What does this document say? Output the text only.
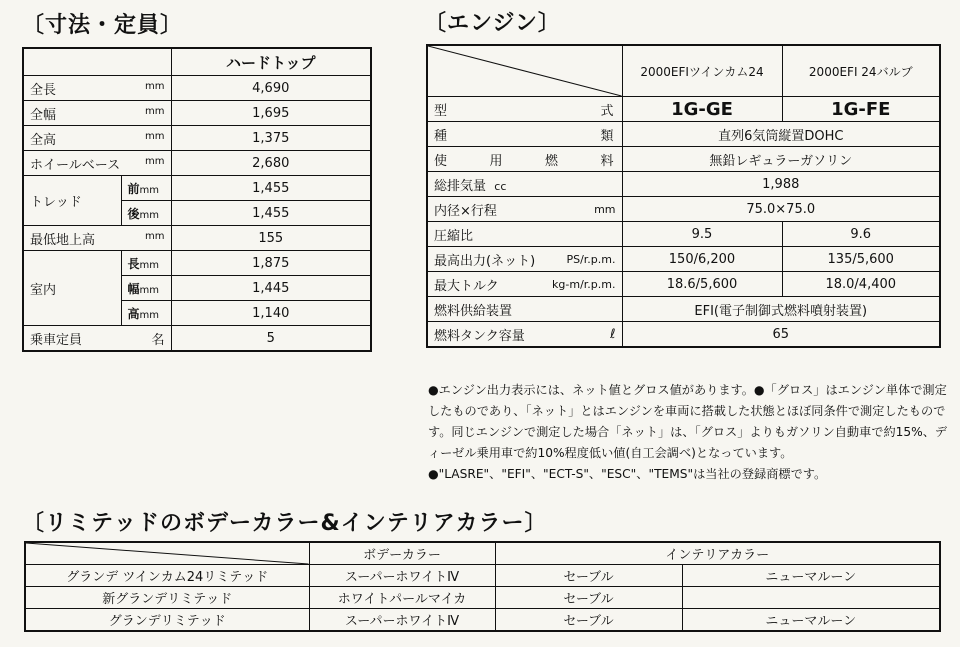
〔寸法・定員〕
		ハードトップ
全長 mm		4,690
全幅 mm		1,695
全高 mm		1,375
ホイールベース mm		2,680
トレッド	前mm	1,455
	後mm	1,455
最低地上高 mm		155
室内	長mm	1,875
	幅mm	1,445
	高mm	1,140
乗車定員 名		5
〔エンジン〕
	2000EFIツインカム24	2000EFI 24バルブ

型 式	1G-GE	1G-FE

種 類	直列6気筒縦置DOHC	

使 用 燃 料	無鉛レギュラーガソリン	
総排気量 cc	1,988	

内径×行程 mm	75.0×75.0	
圧縮比	9.5	9.6

最高出力(ネット) PS/r.p.m.	150/6,200	135/5,600

最大トルク kg-m/r.p.m.	18.6/5,600	18.0/4,400
燃料供給装置	EFI(電子制御式燃料噴射装置)	

燃料タンク容量 ℓ	65	

●エンジン出力表示には、ネット値とグロス値があります。●「グロス」はエンジン単体で測定したものであり、「ネット」とはエンジンを車両に搭載した状態とほぼ同条件で測定したものです。同じエンジンで測定した場合「ネット」は、「グロス」よりもガソリン自動車で約15%、ディーゼル乗用車で約10%程度低い値(自工会調べ)となっています。

●"LASRE"、"EFI"、"ECT-S"、"ESC"、"TEMS"は当社の登録商標です。

〔リミテッドのボデーカラー&インテリアカラー〕
	ボデーカラー	インテリアカラー	
グランデ ツインカム24リミテッド	スーパーホワイトⅣ	セーブル	ニューマルーン
新グランデリミテッド	ホワイトパールマイカ	セーブル	
グランデリミテッド	スーパーホワイトⅣ	セーブル	ニューマルーン
